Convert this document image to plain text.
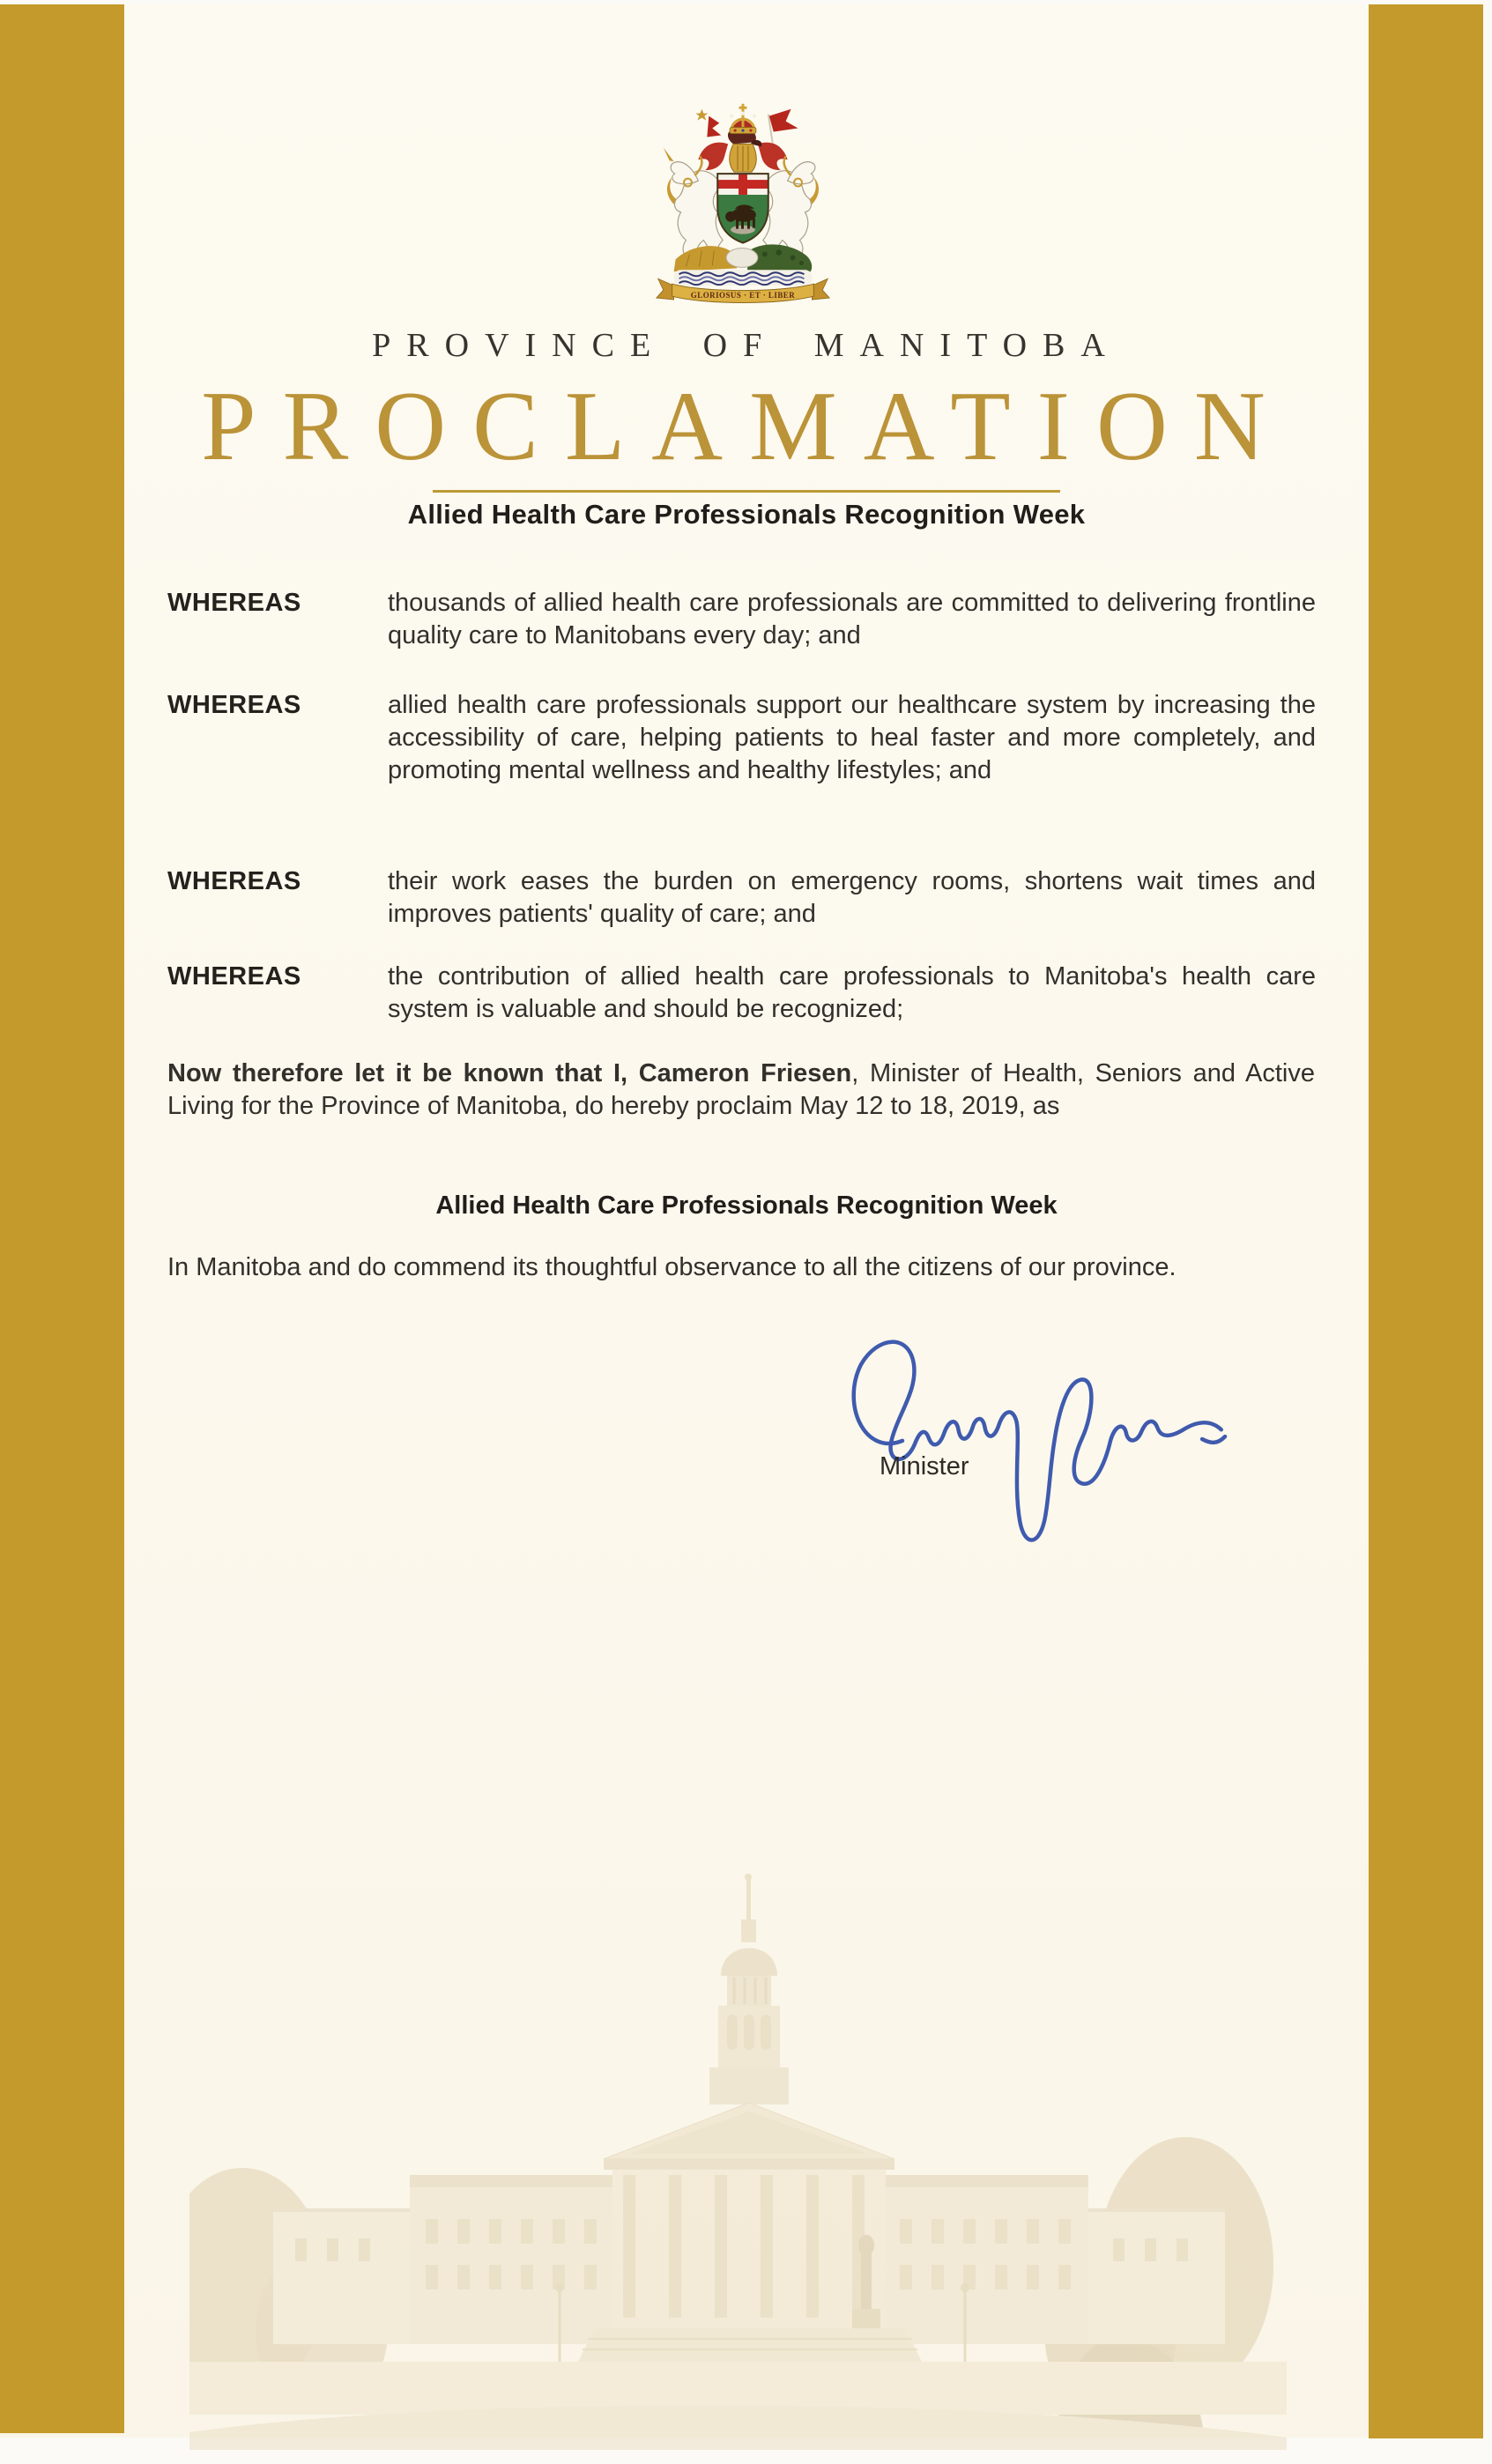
GLORIOSUS · ET · LIBER
PROVINCE OF MANITOBA
PROCLAMATION
Allied Health Care Professionals Recognition Week
WHEREAS	thousands of allied health care professionals are committed to delivering frontline quality care to Manitobans every day; and

WHEREAS	allied health care professionals support our healthcare system by increasing the accessibility of care, helping patients to heal faster and more completely, and promoting mental wellness and healthy lifestyles; and

WHEREAS	their work eases the burden on emergency rooms, shortens wait times and improves patients' quality of care; and

WHEREAS	the contribution of allied health care professionals to Manitoba's health care system is valuable and should be recognized;

Now therefore let it be known that I, Cameron Friesen, Minister of Health, Seniors and Active Living for the Province of Manitoba, do hereby proclaim May 12 to 18, 2019, as

Allied Health Care Professionals Recognition Week

In Manitoba and do commend its thoughtful observance to all the citizens of our province.

Minister
